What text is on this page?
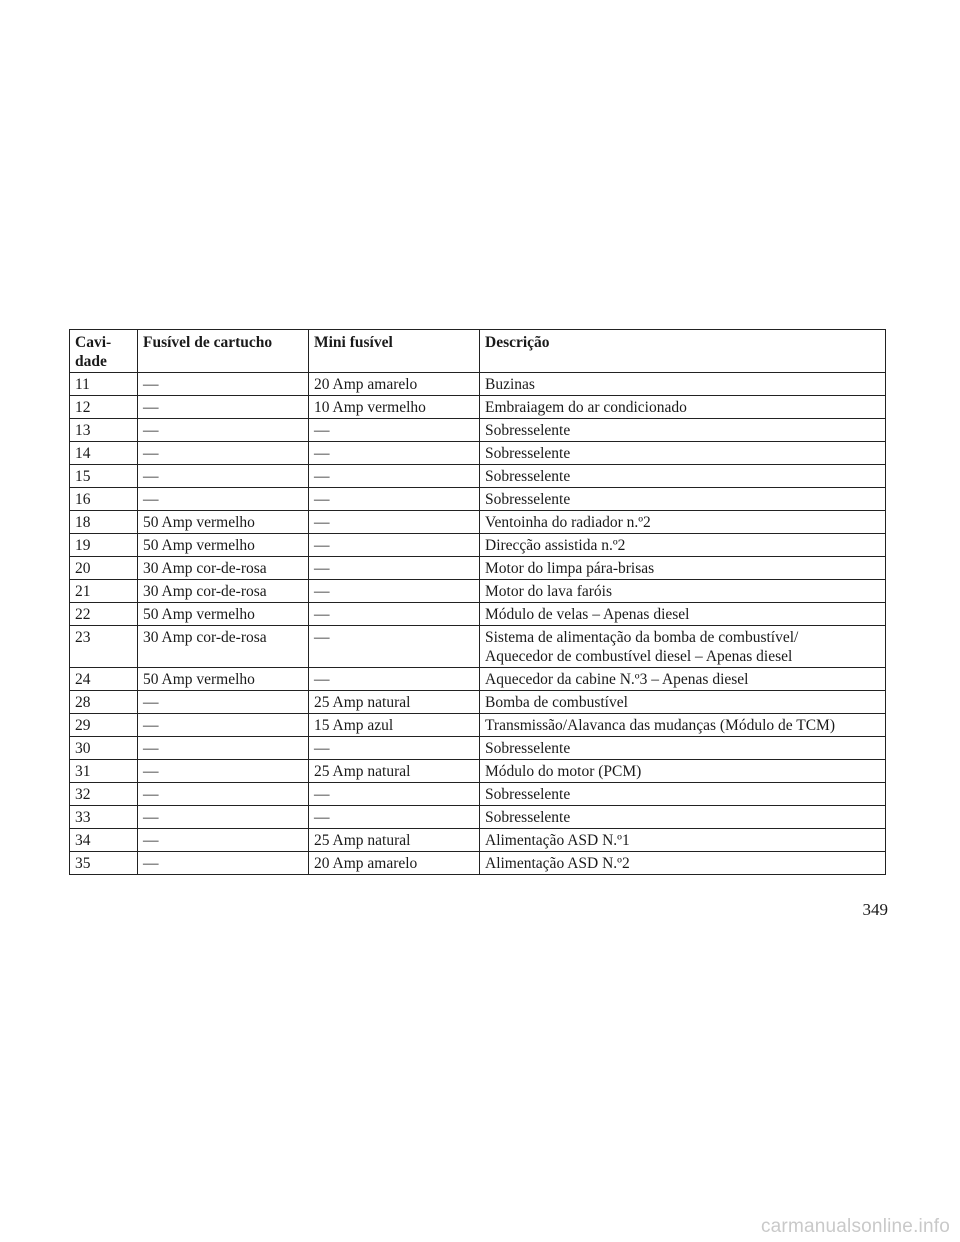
Cavi-
dade	Fusível de cartucho	Mini fusível	Descrição
11	—	20 Amp amarelo	Buzinas
12	—	10 Amp vermelho	Embraiagem do ar condicionado
13	—	—	Sobresselente
14	—	—	Sobresselente
15	—	—	Sobresselente
16	—	—	Sobresselente
18	50 Amp vermelho	—	Ventoinha do radiador n.º2
19	50 Amp vermelho	—	Direcção assistida n.º2
20	30 Amp cor-de-rosa	—	Motor do limpa pára-brisas
21	30 Amp cor-de-rosa	—	Motor do lava faróis
22	50 Amp vermelho	—	Módulo de velas – Apenas diesel
23	30 Amp cor-de-rosa	—	Sistema de alimentação da bomba de combustível/
Aquecedor de combustível diesel – Apenas diesel
24	50 Amp vermelho	—	Aquecedor da cabine N.º3 – Apenas diesel
28	—	25 Amp natural	Bomba de combustível
29	—	15 Amp azul	Transmissão/Alavanca das mudanças (Módulo de TCM)
30	—	—	Sobresselente
31	—	25 Amp natural	Módulo do motor (PCM)
32	—	—	Sobresselente
33	—	—	Sobresselente
34	—	25 Amp natural	Alimentação ASD N.º1
35	—	20 Amp amarelo	Alimentação ASD N.º2
349
carmanualsonline.info
